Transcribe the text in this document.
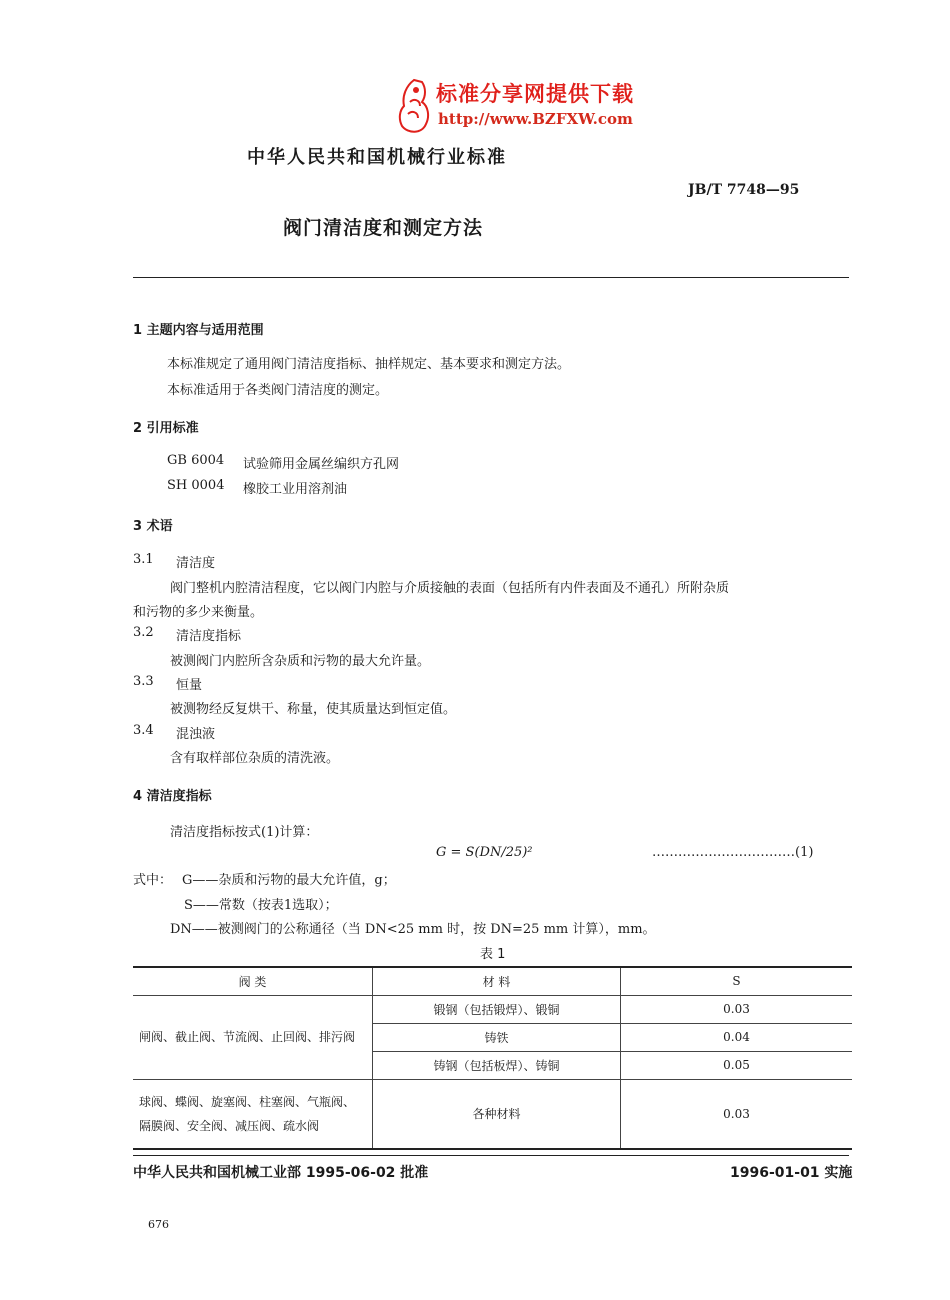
标准分享网提供下载
http://www.BZFXW.com
中华人民共和国机械行业标准
JB/T 7748—95
阀门清洁度和测定方法
1 主题内容与适用范围
本标准规定了通用阀门清洁度指标、抽样规定、基本要求和测定方法。
本标准适用于各类阀门清洁度的测定。
2 引用标准
GB 6004 试验筛用金属丝编织方孔网
SH 0004 橡胶工业用溶剂油
3 术语
3.1 清洁度
阀门整机内腔清洁程度，它以阀门内腔与介质接触的表面（包括所有内件表面及不通孔）所附杂质
和污物的多少来衡量。
3.2 清洁度指标
被测阀门内腔所含杂质和污物的最大允许量。
3.3 恒量
被测物经反复烘干、称量，使其质量达到恒定值。
3.4 混浊液
含有取样部位杂质的清洗液。
4 清洁度指标
清洁度指标按式(1)计算：
G = S(DN/25)²	……………………………(1)
式中： G——杂质和污物的最大允许值，g；
S——常数（按表1选取）；
DN——被测阀门的公称通径（当 DN<25 mm 时，按 DN=25 mm 计算），mm。
表 1
阀 类	材 料	S
闸阀、截止阀、节流阀、止回阀、排污阀	锻钢（包括锻焊）、锻铜	0.03
	铸铁	0.04
	铸钢（包括板焊）、铸铜	0.05
球阀、蝶阀、旋塞阀、柱塞阀、气瓶阀、隔膜阀、安全阀、减压阀、疏水阀	各种材料	0.03
中华人民共和国机械工业部 1995-06-02 批准	1996-01-01 实施
676
